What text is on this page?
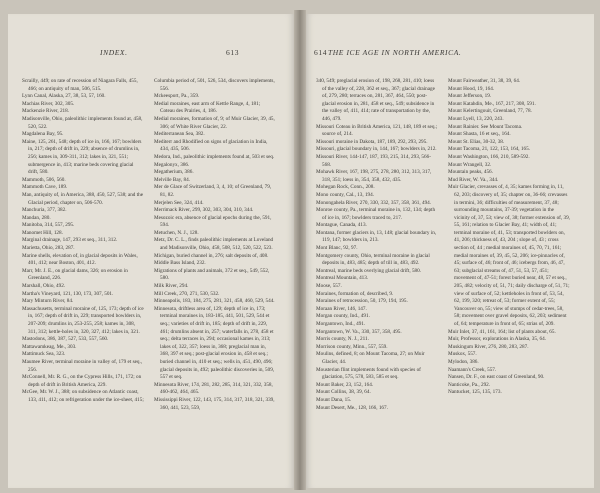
INDEX.	613

Scrailly, 449; on rate of recession of Niagara Falls, 455, 466; on antiquity of man, 506, 515.

Lynn Canal, Alaska, 27, 38, 53, 57, 160.

Machias River, 302, 305.

Mackenzie River, 218.

Madisonville, Ohio, paleolithic implements found at, 458, 520, 522.

Magdalena Bay, 95.

Maine, 125, 261, 548; depth of ice in, 166, 167; bowlders in, 217; depth of drift in, 229; absence of drumlins in, 256; kames in, 309-311, 312; lakes in, 321, 551; submergence in, 413; marine beds covering glacial drift, 580.

Mammoth, 506, 560.

Mammoth Cave, 189.

Man, antiquity of, in America, 388, 450, 527, 538; and the Glacial period, chapter on, 506-570.

Manchuria, 377, 382.

Mandan, 280.

Manitoba, 314, 557, 295.

Manomet Hill, 128.

Marginal drainage, 147, 293 et seq., 311, 312.

Marietta, Ohio, 283, 287.

Marine shells, elevation of, in glacial deposits in Wales, 401, 412; near Boston, 401, 412.

Marr, Mr. J. E., on glacial dams, 326; on erosion in Greenland, 226.

Marshall, Ohio, 492.

Martha's Vineyard, 121, 130, 173, 307, 501.

Mary Minturn River, 84.

Massachusetts, terminal moraine of, 125, 173; depth of ice in, 167; depth of drift in, 229; transported bowlders in, 207-209; drumlins in, 253-255, 258; kames in, 308, 311, 312; kettle-holes in, 320, 327, 412; lakes in, 321.

Mastodons, 386, 387, 527, 533, 557, 560.

Mattawamkeag, Me., 303.

Mattimuck Sea, 323.

Maumee River, terminal moraine in valley of, 179 et seq., 256.

McConnell, Mr. R. G., on the Cypress Hills, 171, 172; on depth of drift in British America, 229.

McGee, Mr. W. J., 388; on subsidence on Atlantic coast, 133, 411, 412; on refrigeration under the ice-sheet, 415;

Columbia period of, 501, 526, 534, discovers implements, 556.

Mckeesport, Pa., 359.

Medial moraines, east arm of Kettle Range, 4, 181; Coteau des Prairies, 4, 186.

Medial moraines, formation of, 9; of Muir Glacier, 39, 45, 306; of White River Glacier, 22.

Mediterranean Sea, 382.

Mediterr and Rhodified on signs of glaciation in India, 434, 435, 506.

Medora, Ind., paleolithic implements found at, 503 et seq.

Megalonyx, 386.

Megatherium, 386.

Melville Bay, 84.

Mer de Glace of Switzerland, 3, 4, 10; of Greenland, 79, 81, 82.

Merjelen See, 324, 414.

Merrimack River, 299, 302, 303, 304, 310, 344.

Mesozoic era, absence of glacial epochs during the, 591, 594.

Metuchen, N. J., 128.

Metz, Dr. C. L., finds paleolithic implements at Loveland and Madisonville, Ohio, 458, 508, 512, 520, 522, 523.

Michigan, buried channel in, 276; salt deposits of, 408.

Middle Bass Island, 232.

Migrations of plants and animals, 372 et seq., 549, 552, 580.

Milk River, 294.

Mill Creek, 270, 271, 530, 532.

Minneapolis, 183, 184, 275, 281, 321, 458, 460, 529, 544.

Minnesota, driftless area of, 129; depth of ice in, 173; terminal moraines in, 183-185, 441, 501, 529, 544 et seq.; varieties of drift in, 185; depth of drift in, 229, 461; drumlins absent in, 257; waterfalls in, 278, 458 et seq.; delta terraces in, 294; occasional kames in, 313; lakes of, 322, 357; loess in, 368; preglacial man in, 368, 397 et seq.; post-glacial erosion in, 458 et seq.; buried channel in, 410 et seq.; wells in, 451, 490, 496; glacial deposits in, 492; paleolithic discoveries in, 509, 557 et seq.

Minnesota River, 174, 281, 282, 285, 314, 321, 332, 358, 460-462, 464, 465.

Mississippi River, 122, 143, 175, 314, 317, 318, 321, 339, 360, 441, 523, 559,

614 THE ICE AGE IN NORTH AMERICA.

340, 549; preglacial erosion of, 198, 268, 281, 410; loess of the valley of, 228, 362 et seq., 367; glacial drainage of, 279, 280; terraces on, 281, 367, 464, 550; post-glacial erosion in, 281, 458 et seq., 549; subsidence in the valley of, 411, 414; rate of transportation by the, 446, 479.

Missouri Coteau in British America, 121, 148, 189 et seq.; source of, 214.

Missouri moraine in Dakota, 187, 189, 292, 293, 295.

Missouri, glacial boundary in, 144, 167; bowlders in, 212.

Missouri River, 144-147, 187, 193, 215, 314, 293, 566-568.

Mohawk River, 167, 198, 275, 278, 280, 312, 313, 317, 318, 351; loess in, 354, 358, 432, 435.

Mohegan Rock, Conn., 208.

Mono county, Cal., 13, 194.

Monongahela River, 270, 330, 332, 357, 358, 361, 494.

Monroe county, Pa., terminal moraine in, 132, 134; depth of ice in, 167; bowlders traced to, 217.

Montague, Canada, 413.

Montana, former glaciers in, 13, 148; glacial boundary in, 119, 147; bowlders in, 213.

Mont Blanc, 92, 97.

Montgomery county, Ohio, terminal moraine in glacial deposits in, 483, 485; depth of till in, 483, 492.

Montreal, marine beds overlying glacial drift, 580.

Montreal Mountain, 413.

Moose, 557.

Moraines, formation of, described, 9.

Moraines of retrocession, 50, 179, 194, 195.

Moraan River, 146, 147.

Morgan county, Ind., 491.

Morgantown, Ind., 491.

Morgantown, W. Va., 330, 357, 358, 495.

Morris county, N. J., 211.

Morrison county, Minn., 557, 559.

Moulins, defined, 8; on Mount Tacoma, 27; on Muir Glacier, 44.

Mousterian flint implements found with species of glaciation, 575, 578, 583, 585 et seq.

Mount Baker, 23, 152, 164.

Mount Collins, 38, 39, 64.

Mount Dana, 15.

Mount Desert, Me., 128, 166, 167.

Mount Fairweather, 31, 38, 39, 64.

Mount Hood, 19, 164.

Mount Jefferson, 19.

Mount Katahdin, Me., 167, 217, 308, 591.

Mount Kelertingouit, Greenland, 77, 78.

Mount Lyell, 13, 220, 243.

Mount Rainier. See Mount Tacoma.

Mount Shasta, 16 et seq., 164.

Mount St. Elias, 30-32, 38.

Mount Tacoma, 21, 122, 153, 164, 165.

Mount Washington, 166, 210, 589-592.

Mount Wrangell, 32.

Mountain peaks, 456.

Mud River, W. Va., 344.

Muir Glacier, crevasses of, 4, 35; kames forming in, 11, 62, 203; discovery of, 35; chapter on, 36-66; crevasses in termini, 36; difficulties of measurement, 37, 48; surrounding mountains, 37-39; vegetation in the vicinity of, 37, 53; view of, 38; former extension of, 39, 55, 161; relation to Glacier Bay, 41; width of, 41; terminal moraine of, 41, 53; transported bowlders on, 41, 206; thickness of, 43, 204 ; slope of, 43 ; cross section of, 44 ; medial moraines of, 45, 70, 71, 161; medial moraines of, 39, 45, 52, 206; ice-pinnacles of, 45; surface of, 46; front of, 46; icebergs from, 46, 47, 63; subglacial streams of, 47, 51, 53, 57, 451; movement of, 47-51; forest buried near, 48, 57 et seq., 205, 482; velocity of, 51, 71; daily discharge of, 51, 71; view of surface of, 52; kettleholes in front of, 53, 54, 62, 199, 320; retreat of, 53; former extent of, 55; Vancouver on, 55; view of stumps of cedar-trees, 58, 58; movement over gravel deposits, 62, 203; sediment of, 64; temperature in front of, 65; strias of, 209.

Muir Inlet, 37, 41, 161, 164; list of plants about, 65.

Muir, Professor, explorations in Alaska, 35, 64.

Muskingum River, 276, 280, 283, 287.

Muskox, 557.

Mylodon, 386.

Naamann's Creek, 557.

Nansen, Dr. F., on east coast of Greenland, 90.

Nanticoke, Pa., 292.

Nantucket, 125, 135, 173.
